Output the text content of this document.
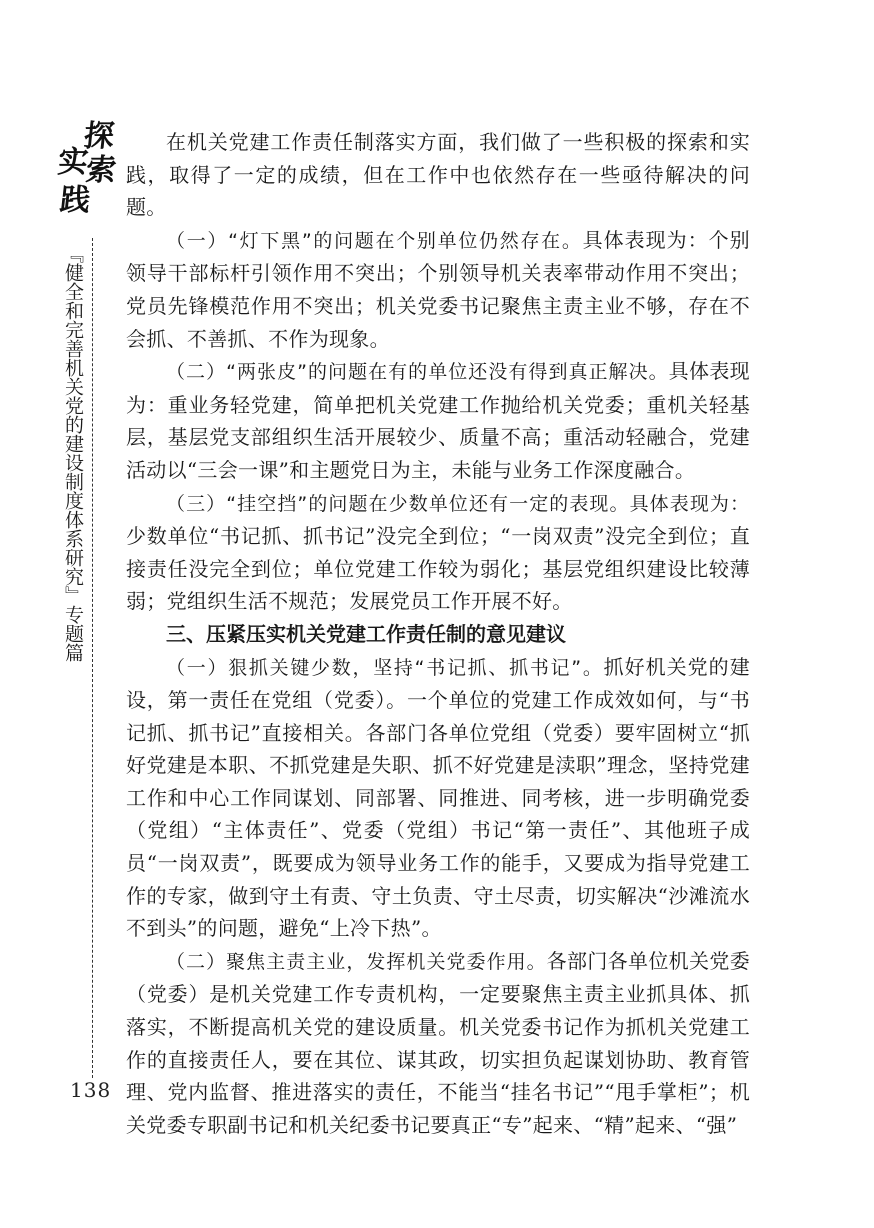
探
索
实
践
『健全和完善机关党的建设制度体系研究』专题篇
138

在机关党建工作责任制落实方面，我们做了一些积极的探索和实践，取得了一定的成绩，但在工作中也依然存在一些亟待解决的问题。

（一）“灯下黑”的问题在个别单位仍然存在。具体表现为：个别领导干部标杆引领作用不突出；个别领导机关表率带动作用不突出；党员先锋模范作用不突出；机关党委书记聚焦主责主业不够，存在不会抓、不善抓、不作为现象。

（二）“两张皮”的问题在有的单位还没有得到真正解决。具体表现为：重业务轻党建，简单把机关党建工作抛给机关党委；重机关轻基层，基层党支部组织生活开展较少、质量不高；重活动轻融合，党建活动以“三会一课”和主题党日为主，未能与业务工作深度融合。

（三）“挂空挡”的问题在少数单位还有一定的表现。具体表现为：少数单位“书记抓、抓书记”没完全到位；“一岗双责”没完全到位；直接责任没完全到位；单位党建工作较为弱化；基层党组织建设比较薄弱；党组织生活不规范；发展党员工作开展不好。

三、压紧压实机关党建工作责任制的意见建议

（一）狠抓关键少数，坚持“书记抓、抓书记”。抓好机关党的建设，第一责任在党组（党委）。一个单位的党建工作成效如何，与“书记抓、抓书记”直接相关。各部门各单位党组（党委）要牢固树立“抓好党建是本职、不抓党建是失职、抓不好党建是渎职”理念，坚持党建工作和中心工作同谋划、同部署、同推进、同考核，进一步明确党委（党组）“主体责任”、党委（党组）书记“第一责任”、其他班子成员“一岗双责”，既要成为领导业务工作的能手，又要成为指导党建工作的专家，做到守土有责、守土负责、守土尽责，切实解决“沙滩流水不到头”的问题，避免“上冷下热”。

（二）聚焦主责主业，发挥机关党委作用。各部门各单位机关党委（党委）是机关党建工作专责机构，一定要聚焦主责主业抓具体、抓落实，不断提高机关党的建设质量。机关党委书记作为抓机关党建工作的直接责任人，要在其位、谋其政，切实担负起谋划协助、教育管理、党内监督、推进落实的责任，不能当“挂名书记”“甩手掌柜”；机关党委专职副书记和机关纪委书记要真正“专”起来、“精”起来、“强”
